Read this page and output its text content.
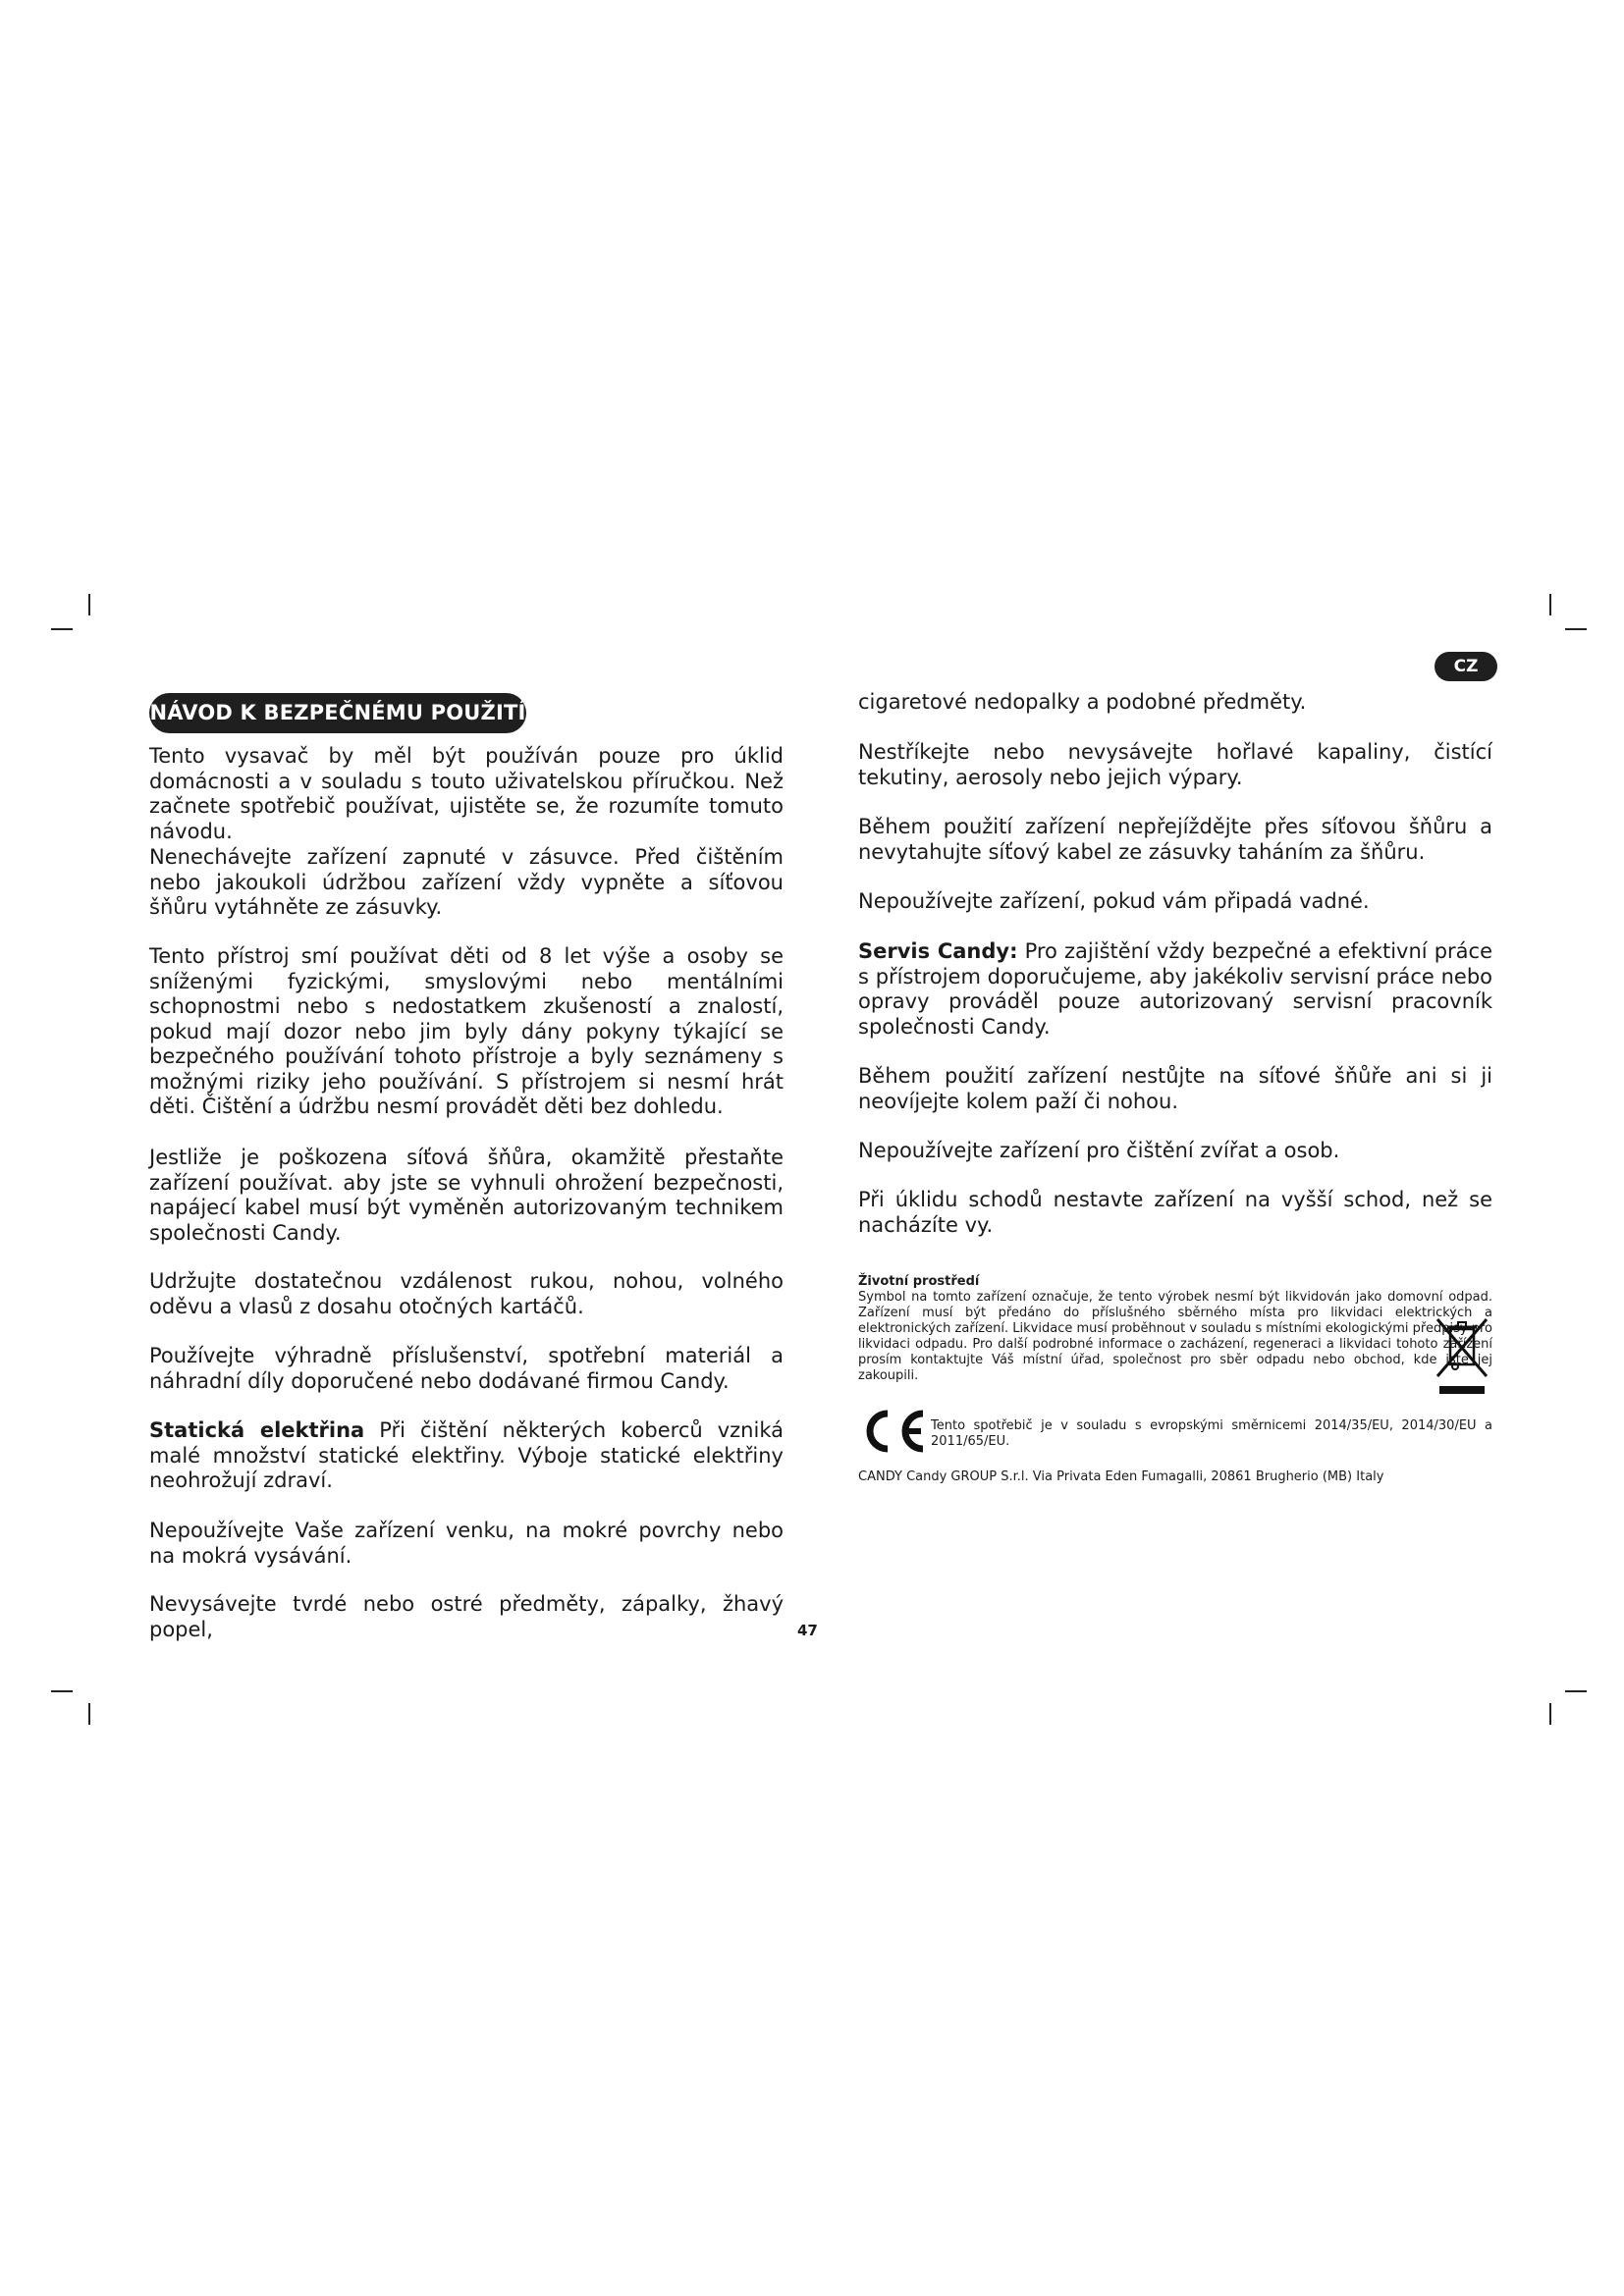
CZ
NÁVOD K BEZPEČNÉMU POUŽITÍ

Tento vysavač by měl být používán pouze pro úklid domácnosti a v souladu s touto uživatelskou příručkou. Než začnete spotřebič používat, ujistěte se, že rozumíte tomuto návodu.

Nenechávejte zařízení zapnuté v zásuvce. Před čištěním nebo jakoukoli údržbou zařízení vždy vypněte a síťovou šňůru vytáhněte ze zásuvky.

Tento přístroj smí používat děti od 8 let výše a osoby se sníženými fyzickými, smyslovými nebo mentálními schopnostmi nebo s nedostatkem zkušeností a znalostí, pokud mají dozor nebo jim byly dány pokyny týkající se bezpečného používání tohoto přístroje a byly seznámeny s možnými riziky jeho používání. S přístrojem si nesmí hrát děti. Čištění a údržbu nesmí provádět děti bez dohledu.

Jestliže je poškozena síťová šňůra, okamžitě přestaňte zařízení používat. aby jste se vyhnuli ohrožení bezpečnosti, napájecí kabel musí být vyměněn autorizovaným technikem společnosti Candy.

Udržujte dostatečnou vzdálenost rukou, nohou, volného oděvu a vlasů z dosahu otočných kartáčů.

Používejte výhradně příslušenství, spotřební materiál a náhradní díly doporučené nebo dodávané firmou Candy.

Statická elektřina Při čištění některých koberců vzniká malé množství statické elektřiny. Výboje statické elektřiny neohrožují zdraví.

Nepoužívejte Vaše zařízení venku, na mokré povrchy nebo na mokrá vysávání.

Nevysávejte tvrdé nebo ostré předměty, zápalky, žhavý popel,

cigaretové nedopalky a podobné předměty.

Nestříkejte nebo nevysávejte hořlavé kapaliny, čistící tekutiny, aerosoly nebo jejich výpary.

Během použití zařízení nepřejíždějte přes síťovou šňůru a nevytahujte síťový kabel ze zásuvky taháním za šňůru.

Nepoužívejte zařízení, pokud vám připadá vadné.

Servis Candy: Pro zajištění vždy bezpečné a efektivní práce s přístrojem doporučujeme, aby jakékoliv servisní práce nebo opravy prováděl pouze autorizovaný servisní pracovník společnosti Candy.

Během použití zařízení nestůjte na síťové šňůře ani si ji neovíjejte kolem paží či nohou.

Nepoužívejte zařízení pro čištění zvířat a osob.

Při úklidu schodů nestavte zařízení na vyšší schod, než se nacházíte vy.

Životní prostředí
Symbol na tomto zařízení označuje, že tento výrobek nesmí být likvidován jako domovní odpad. Zařízení musí být předáno do příslušného sběrného místa pro likvidaci elektrických a elektronických zařízení. Likvidace musí proběhnout v souladu s místními ekologickými předpisy pro likvidaci odpadu. Pro další podrobné informace o zacházení, regeneraci a likvidaci tohoto zařízení prosím kontaktujte Váš místní úřad, společnost pro sběr odpadu nebo obchod, kde jste jej zakoupili.
Tento spotřebič je v souladu s evropskými směrnicemi 2014/35/EU, 2014/30/EU a 2011/65/EU.
CANDY Candy GROUP S.r.l. Via Privata Eden Fumagalli, 20861 Brugherio (MB) Italy
47
